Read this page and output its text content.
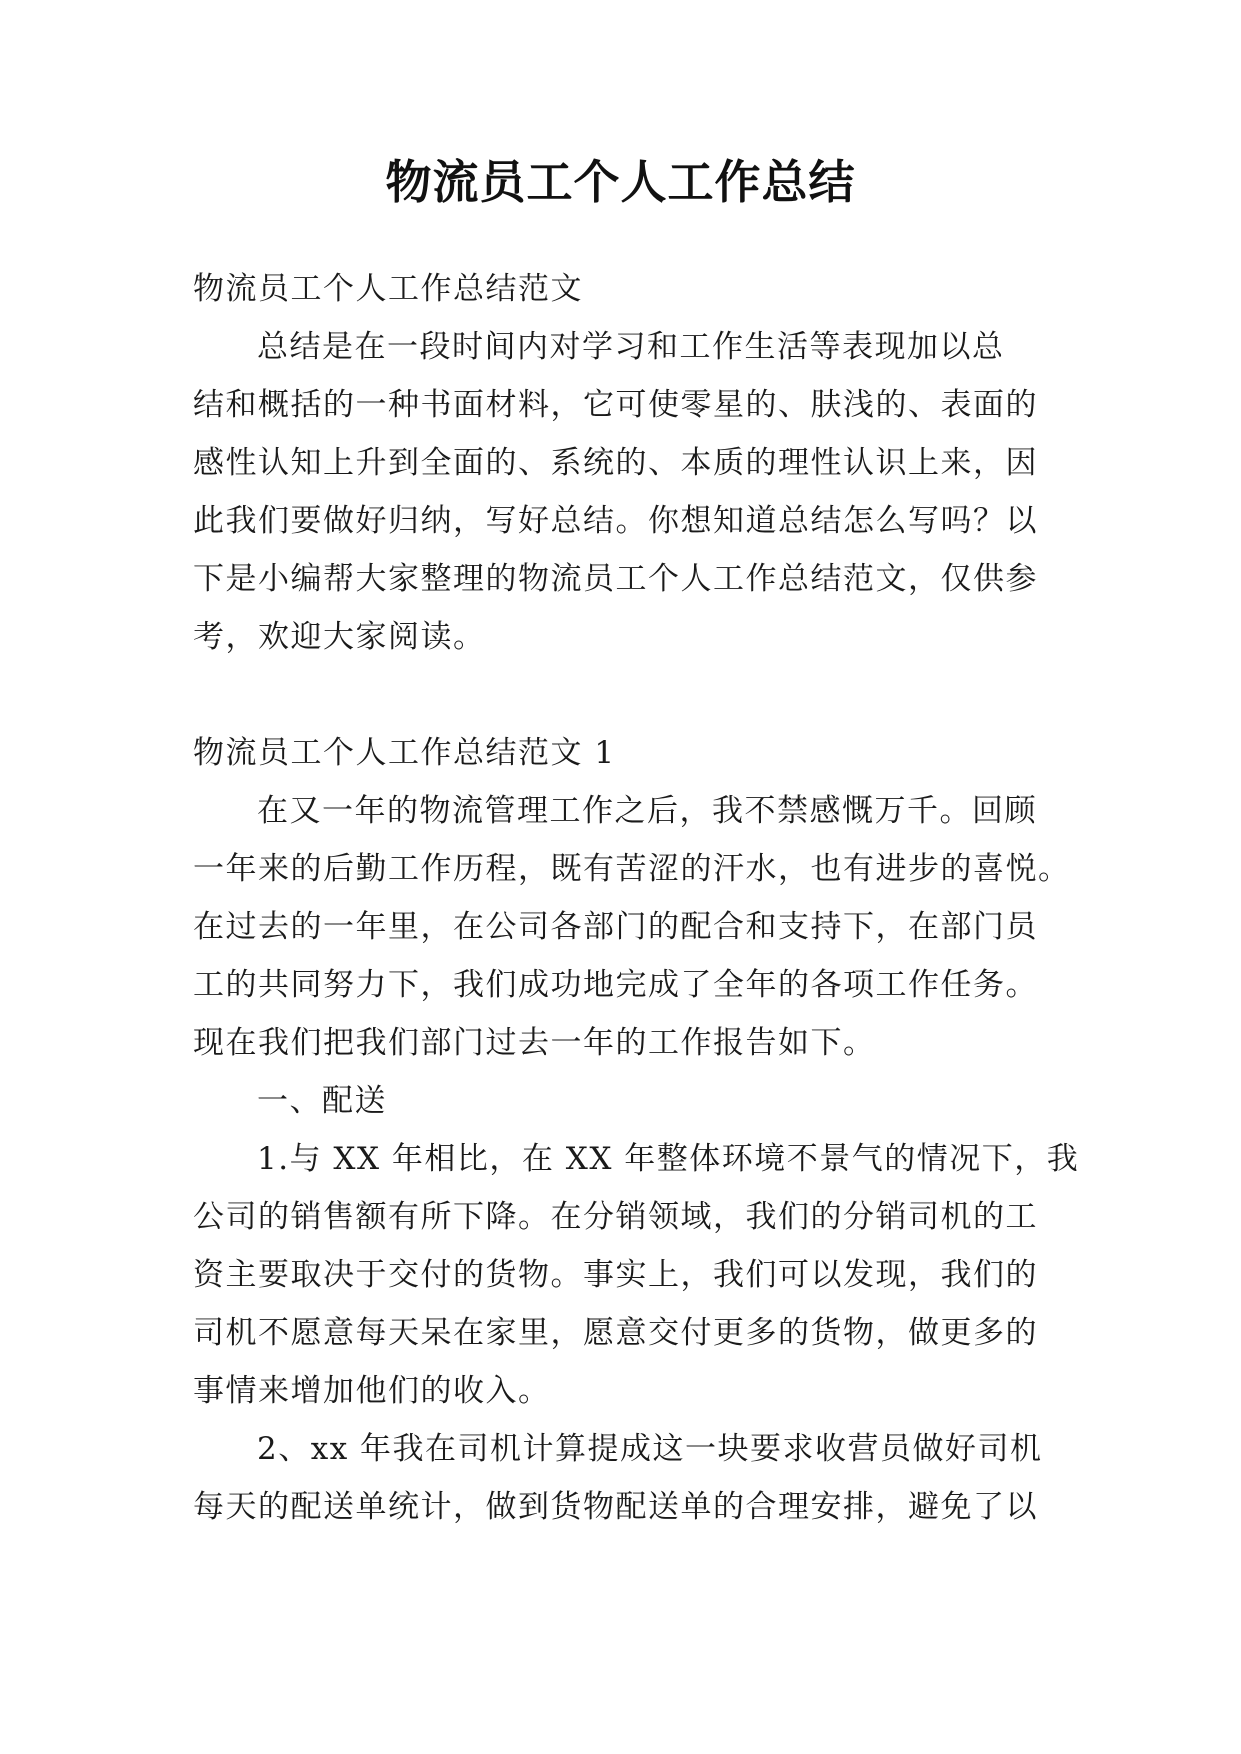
物流员工个人工作总结
物流员工个人工作总结范文
总结是在一段时间内对学习和工作生活等表现加以总
结和概括的一种书面材料，它可使零星的、肤浅的、表面的
感性认知上升到全面的、系统的、本质的理性认识上来，因
此我们要做好归纳，写好总结。你想知道总结怎么写吗？以
下是小编帮大家整理的物流员工个人工作总结范文，仅供参
考，欢迎大家阅读。
物流员工个人工作总结范文 1
在又一年的物流管理工作之后，我不禁感慨万千。回顾
一年来的后勤工作历程，既有苦涩的汗水，也有进步的喜悦。
在过去的一年里，在公司各部门的配合和支持下，在部门员
工的共同努力下，我们成功地完成了全年的各项工作任务。
现在我们把我们部门过去一年的工作报告如下。
一、配送
1.与 XX 年相比，在 XX 年整体环境不景气的情况下，我
公司的销售额有所下降。在分销领域，我们的分销司机的工
资主要取决于交付的货物。事实上，我们可以发现，我们的
司机不愿意每天呆在家里，愿意交付更多的货物，做更多的
事情来增加他们的收入。
2、xx 年我在司机计算提成这一块要求收营员做好司机
每天的配送单统计，做到货物配送单的合理安排，避免了以
